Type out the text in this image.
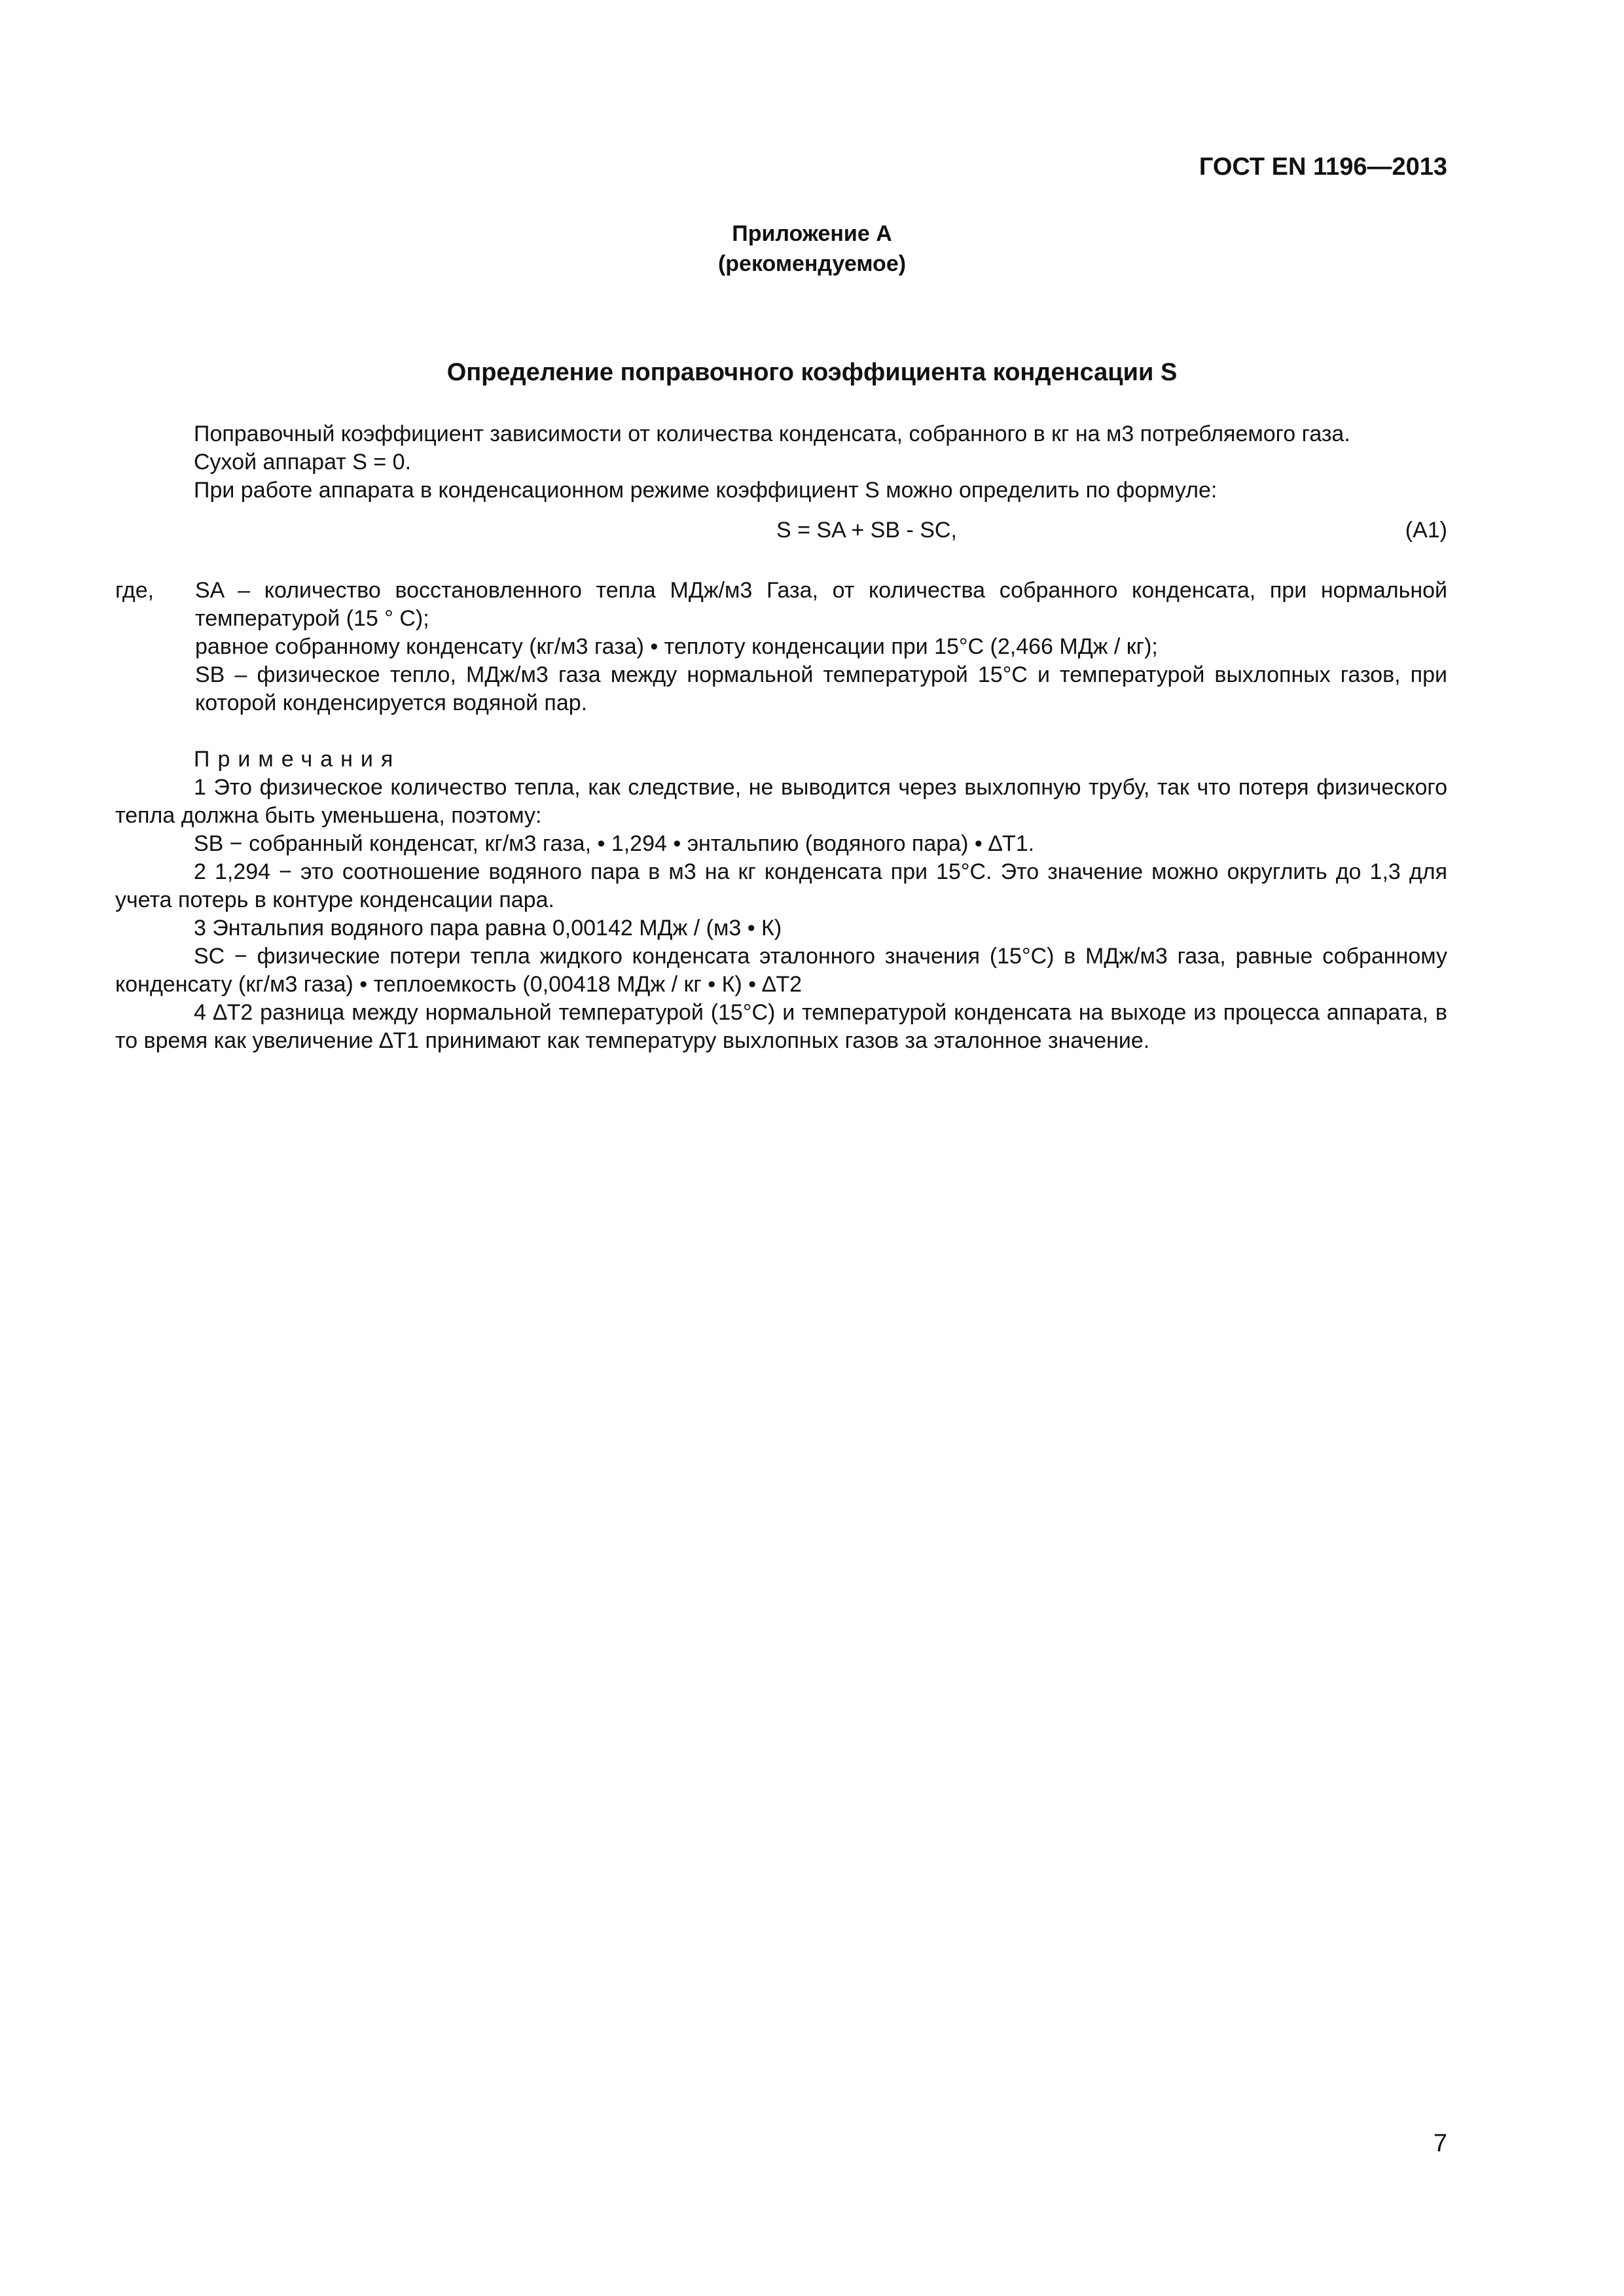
ГОСТ EN 1196—2013
Приложение А
(рекомендуемое)
Определение поправочного коэффициента конденсации S

Поправочный коэффициент зависимости от количества конденсата, собранного в кг на м3 потребляемого газа.

Сухой аппарат S = 0.

При работе аппарата в конденсационном режиме коэффициент S можно определить по формуле:

S = SA + SB - SC,	(А1)
где, SA – количество восстановленного тепла МДж/м3 Газа, от количества собранного конденсата, при нормальной температурой (15 ° С);

равное собранному конденсату (кг/м3 газа) • теплоту конденсации при 15°С (2,466 МДж / кг);

SB – физическое тепло, МДж/м3 газа между нормальной температурой 15°С и температурой выхлопных газов, при которой конденсируется водяной пар.

Примечания

1 Это физическое количество тепла, как следствие, не выводится через выхлопную трубу, так что потеря физического тепла должна быть уменьшена, поэтому:

SB − собранный конденсат, кг/м3 газа, • 1,294 • энтальпию (водяного пара) • ∆T1.

2 1,294 − это соотношение водяного пара в м3 на кг конденсата при 15°С. Это значение можно округлить до 1,3 для учета потерь в контуре конденсации пара.

3 Энтальпия водяного пара равна 0,00142 МДж / (м3 • К)

SC − физические потери тепла жидкого конденсата эталонного значения (15°С) в МДж/м3 газа, равные собранному конденсату (кг/м3 газа) • теплоемкость (0,00418 МДж / кг • К) • ∆T2

4 ∆T2 разница между нормальной температурой (15°С) и температурой конденсата на выходе из процесса аппарата, в то время как увеличение ∆T1 принимают как температуру выхлопных газов за эталонное значение.

7
